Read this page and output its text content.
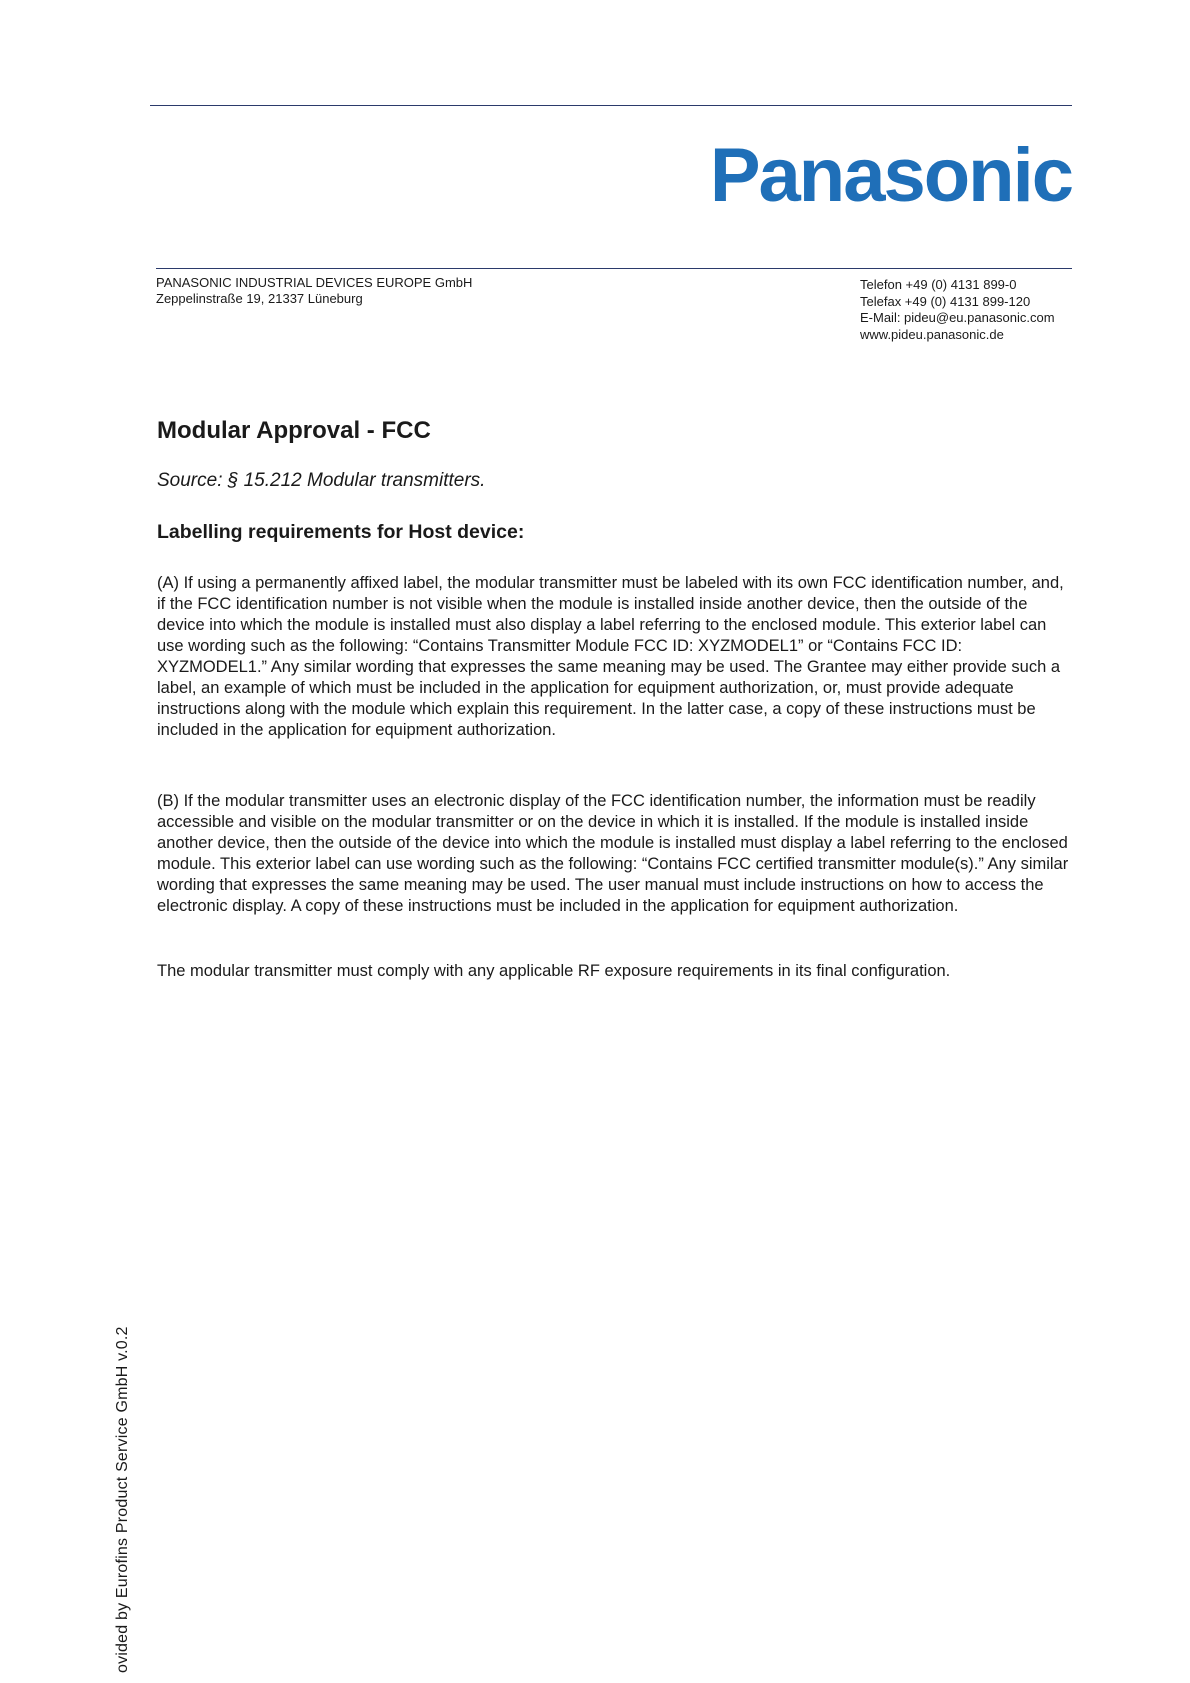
Panasonic
PANASONIC INDUSTRIAL DEVICES EUROPE GmbH
Zeppelinstraße 19, 21337 Lüneburg
Telefon +49 (0) 4131 899-0
Telefax +49 (0) 4131 899-120
E-Mail: pideu@eu.panasonic.com
www.pideu.panasonic.de
Modular Approval - FCC

Source: § 15.212 Modular transmitters.

Labelling requirements for Host device:

(A) If using a permanently affixed label, the modular transmitter must be labeled with its own FCC identification number, and, if the FCC identification number is not visible when the module is installed inside another device, then the outside of the device into which the module is installed must also display a label referring to the enclosed module. This exterior label can use wording such as the following: “Contains Transmitter Module FCC ID: XYZMODEL1” or “Contains FCC ID: XYZMODEL1.” Any similar wording that expresses the same meaning may be used. The Grantee may either provide such a label, an example of which must be included in the application for equipment authorization, or, must provide adequate instructions along with the module which explain this requirement. In the latter case, a copy of these instructions must be included in the application for equipment authorization.

(B) If the modular transmitter uses an electronic display of the FCC identification number, the information must be readily accessible and visible on the modular transmitter or on the device in which it is installed. If the module is installed inside another device, then the outside of the device into which the module is installed must display a label referring to the enclosed module. This exterior label can use wording such as the following: “Contains FCC certified transmitter module(s).” Any similar wording that expresses the same meaning may be used. The user manual must include instructions on how to access the electronic display. A copy of these instructions must be included in the application for equipment authorization.

The modular transmitter must comply with any applicable RF exposure requirements in its final configuration.

ovided by Eurofins Product Service GmbH v.0.2
